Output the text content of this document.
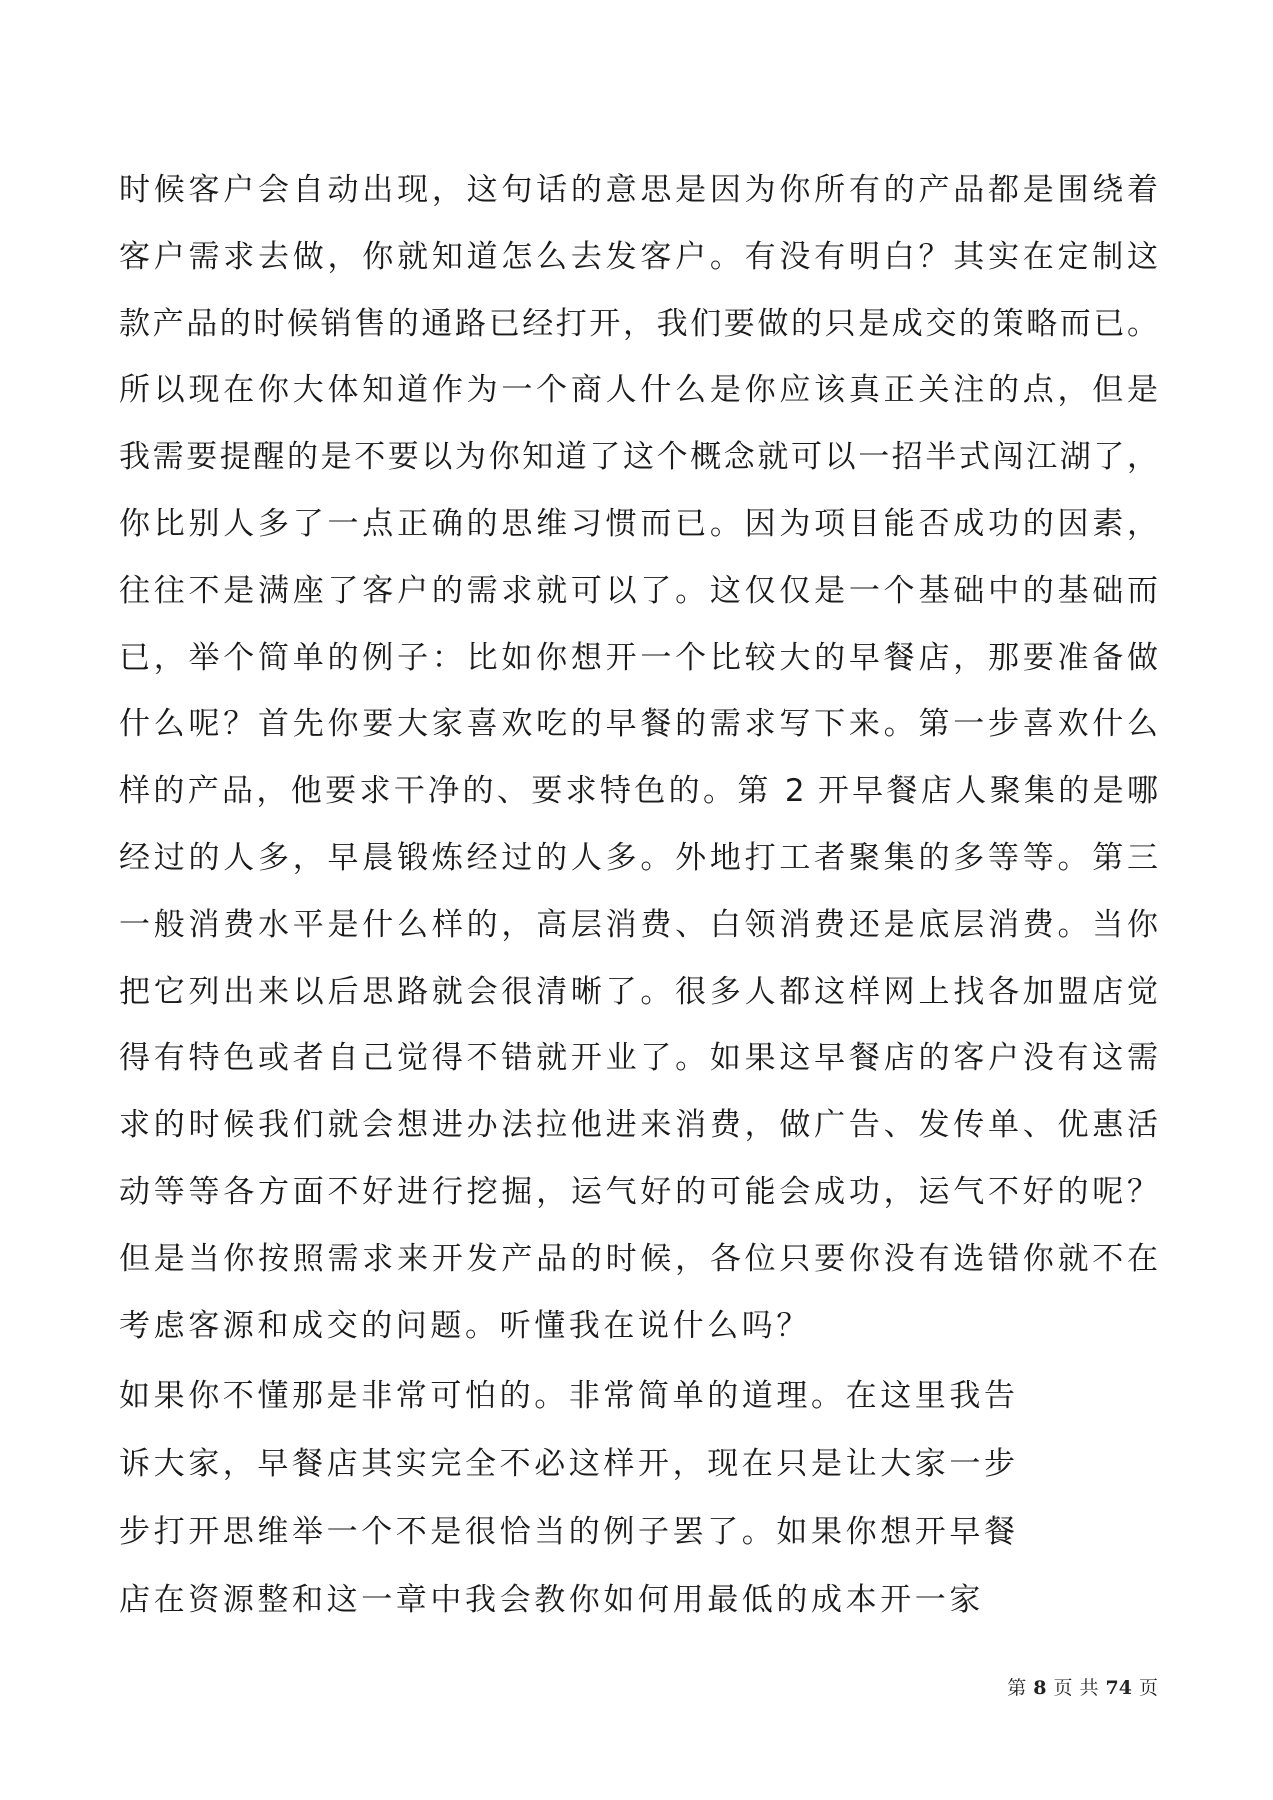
时候客户会自动出现，这句话的意思是因为你所有的产品都是围绕着
客户需求去做，你就知道怎么去发客户。有没有明白？其实在定制这
款产品的时候销售的通路已经打开，我们要做的只是成交的策略而已。
所以现在你大体知道作为一个商人什么是你应该真正关注的点，但是
我需要提醒的是不要以为你知道了这个概念就可以一招半式闯江湖了，
你比别人多了一点正确的思维习惯而已。因为项目能否成功的因素，
往往不是满座了客户的需求就可以了。这仅仅是一个基础中的基础而
已，举个简单的例子：比如你想开一个比较大的早餐店，那要准备做
什么呢？首先你要大家喜欢吃的早餐的需求写下来。第一步喜欢什么
样的产品，他要求干净的、要求特色的。第 2 开早餐店人聚集的是哪
经过的人多，早晨锻炼经过的人多。外地打工者聚集的多等等。第三
一般消费水平是什么样的，高层消费、白领消费还是底层消费。当你
把它列出来以后思路就会很清晰了。很多人都这样网上找各加盟店觉
得有特色或者自己觉得不错就开业了。如果这早餐店的客户没有这需
求的时候我们就会想进办法拉他进来消费，做广告、发传单、优惠活
动等等各方面不好进行挖掘，运气好的可能会成功，运气不好的呢？
但是当你按照需求来开发产品的时候，各位只要你没有选错你就不在
考虑客源和成交的问题。听懂我在说什么吗？
如果你不懂那是非常可怕的。非常简单的道理。在这里我告
诉大家，早餐店其实完全不必这样开，现在只是让大家一步
步打开思维举一个不是很恰当的例子罢了。如果你想开早餐
店在资源整和这一章中我会教你如何用最低的成本开一家
第 8 页 共 74 页
